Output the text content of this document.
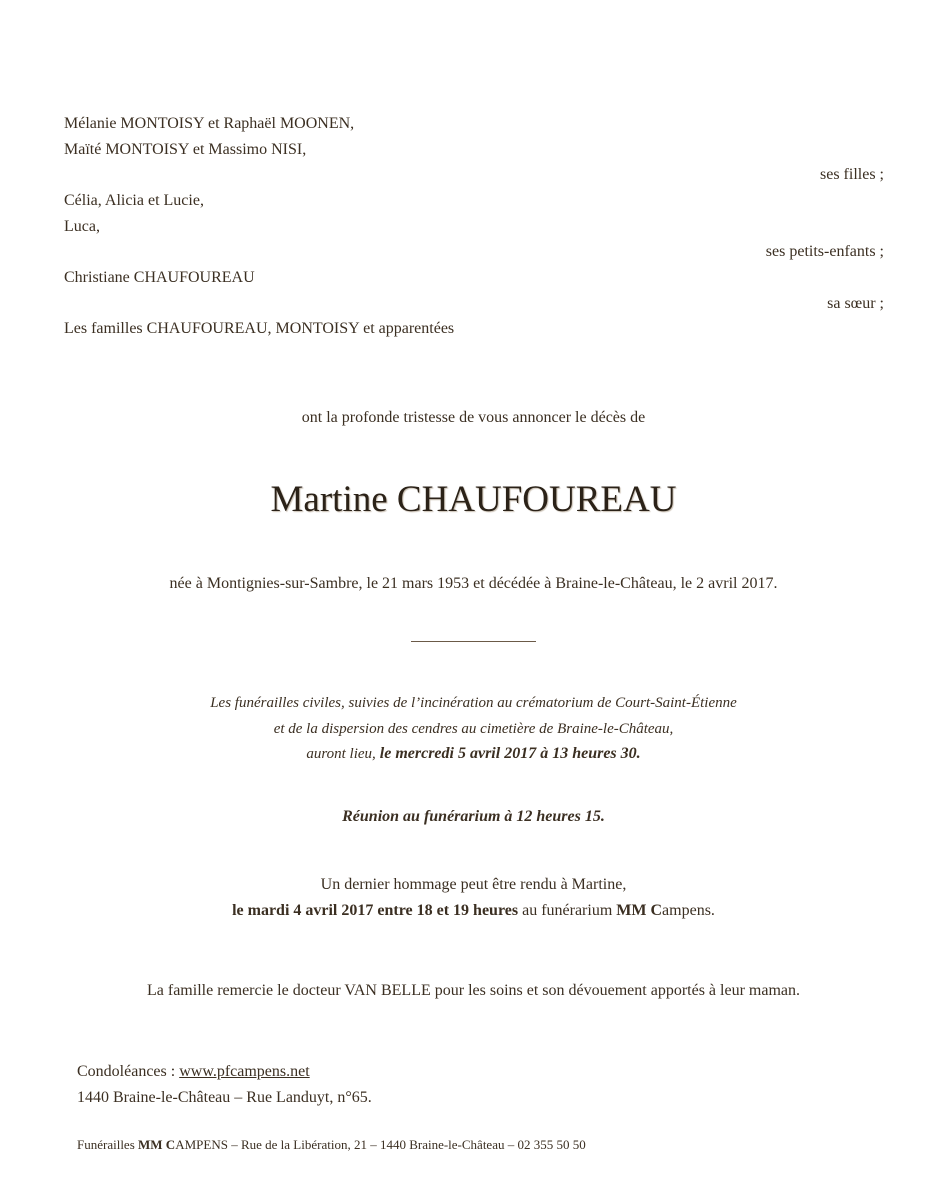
Mélanie MONTOISY et Raphaël MOONEN,
Maïté MONTOISY et Massimo NISI,
ses filles ;
Célia, Alicia et Lucie,
Luca,
ses petits-enfants ;
Christiane CHAUFOUREAU
sa sœur ;
Les familles CHAUFOUREAU, MONTOISY et apparentées
ont la profonde tristesse de vous annoncer le décès de
Martine CHAUFOUREAU
née à Montignies-sur-Sambre, le 21 mars 1953 et décédée à Braine-le-Château, le 2 avril 2017.
Les funérailles civiles, suivies de l’incinération au crématorium de Court-Saint-Étienne
et de la dispersion des cendres au cimetière de Braine-le-Château,
auront lieu, le mercredi 5 avril 2017 à 13 heures 30.
Réunion au funérarium à 12 heures 15.
Un dernier hommage peut être rendu à Martine,
le mardi 4 avril 2017 entre 18 et 19 heures au funérarium MM Campens.
La famille remercie le docteur VAN BELLE pour les soins et son dévouement apportés à leur maman.
Condoléances : www.pfcampens.net
1440 Braine-le-Château – Rue Landuyt, n°65.
Funérailles MM CAMPENS – Rue de la Libération, 21 – 1440 Braine-le-Château – 02 355 50 50
